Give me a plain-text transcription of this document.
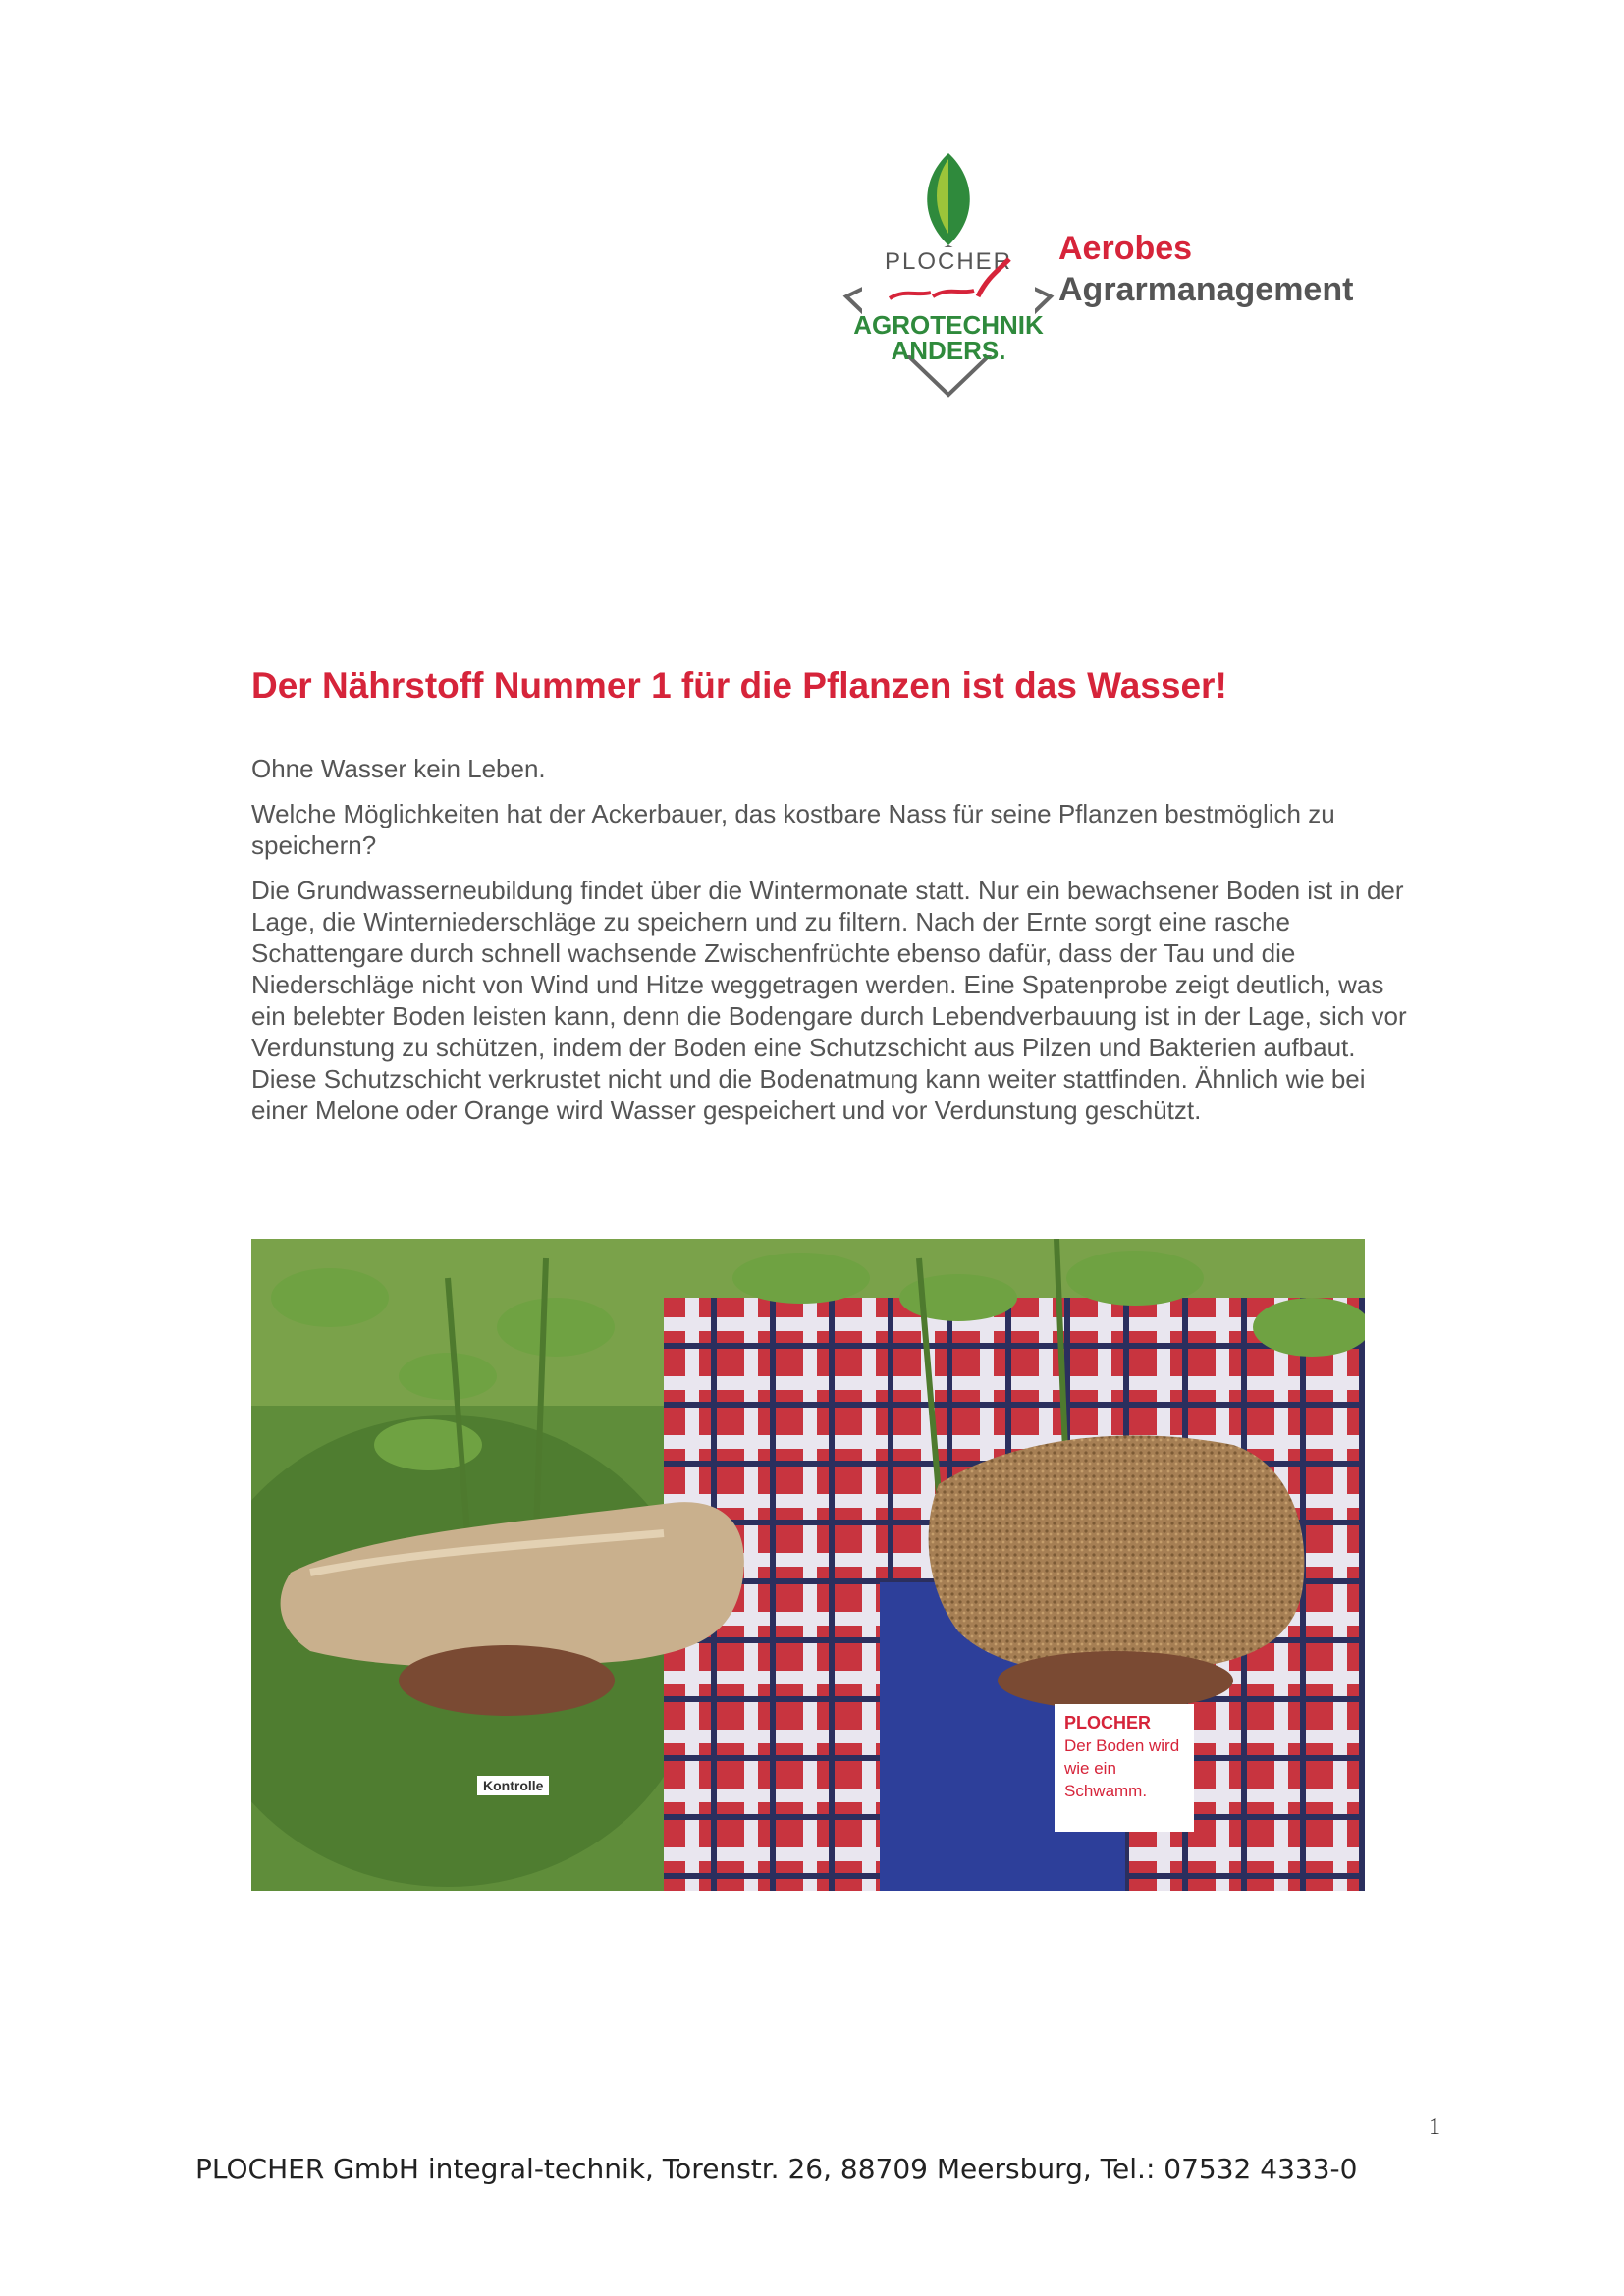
PLOCHER
AGROTECHNIK
ANDERS.
Aerobes
Agrarmanagement
Der Nährstoff Nummer 1 für die Pflanzen ist das Wasser!

Ohne Wasser kein Leben.

Welche Möglichkeiten hat der Ackerbauer, das kostbare Nass für seine Pflanzen bestmöglich zu speichern?

Die Grundwasserneubildung findet über die Wintermonate statt. Nur ein bewachsener Boden ist in der Lage, die Winterniederschläge zu speichern und zu filtern. Nach der Ernte sorgt eine rasche Schattengare durch schnell wachsende Zwischenfrüchte ebenso dafür, dass der Tau und die Niederschläge nicht von Wind und Hitze weggetragen werden. Eine Spatenprobe zeigt deutlich, was ein belebter Boden leisten kann, denn die Bodengare durch Lebendverbauung ist in der Lage, sich vor Verdunstung zu schützen, indem der Boden eine Schutzschicht aus Pilzen und Bakterien aufbaut. Diese Schutzschicht verkrustet nicht und die Bodenatmung kann weiter stattfinden. Ähnlich wie bei einer Melone oder Orange wird Wasser gespeichert und vor Verdunstung geschützt.

Kontrolle
PLOCHER
Der Boden wird wie ein Schwamm.
1
PLOCHER GmbH integral-technik, Torenstr. 26, 88709 Meersburg, Tel.: 07532 4333-0
